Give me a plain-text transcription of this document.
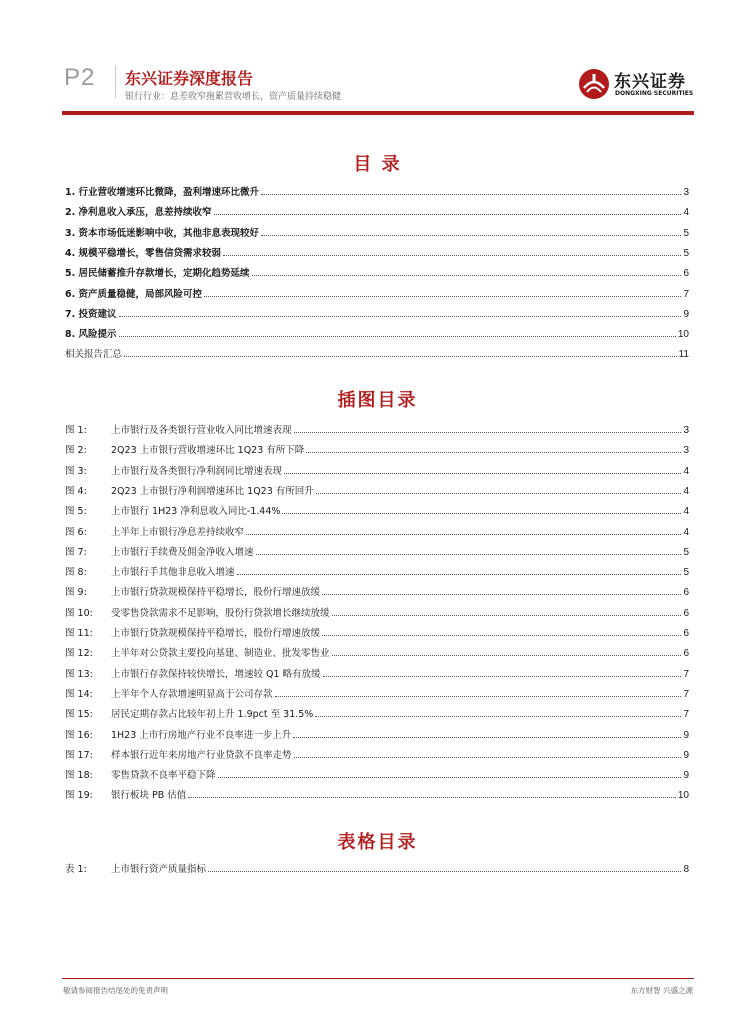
P2 东兴证券深度报告
银行行业：息差收窄拖累营收增长，资产质量持续稳健
东兴证券
DONGXING SECURITIES
目 录
1. 行业营收增速环比微降，盈利增速环比微升	3
2. 净利息收入承压，息差持续收窄	4
3. 资本市场低迷影响中收，其他非息表现较好	5
4. 规模平稳增长，零售信贷需求较弱	5
5. 居民储蓄推升存款增长，定期化趋势延续	6
6. 资产质量稳健，局部风险可控	7
7. 投资建议	9
8. 风险提示	10
相关报告汇总	11
插图目录
图 1:	上市银行及各类银行营业收入同比增速表现	3
图 2:	2Q23 上市银行营收增速环比 1Q23 有所下降	3
图 3:	上市银行及各类银行净利润同比增速表现	4
图 4:	2Q23 上市银行净利润增速环比 1Q23 有所回升	4
图 5:	上市银行 1H23 净利息收入同比-1.44%	4
图 6:	上半年上市银行净息差持续收窄	4
图 7:	上市银行手续费及佣金净收入增速	5
图 8:	上市银行手其他非息收入增速	5
图 9:	上市银行贷款规模保持平稳增长，股份行增速放缓	6
图 10:	受零售贷款需求不足影响，股份行贷款增长继续放缓	6
图 11:	上市银行贷款规模保持平稳增长，股份行增速放缓	6
图 12:	上半年对公贷款主要投向基建、制造业、批发零售业	6
图 13:	上市银行存款保持较快增长，增速较 Q1 略有放缓	7
图 14:	上半年个人存款增速明显高于公司存款	7
图 15:	居民定期存款占比较年初上升 1.9pct 至 31.5%	7
图 16:	1H23 上市行房地产行业不良率进一步上升	9
图 17:	样本银行近年来房地产行业贷款不良率走势	9
图 18:	零售贷款不良率平稳下降	9
图 19:	银行板块 PB 估值	10
表格目录
表 1:	上市银行资产质量指标	8
敬请参阅报告结尾处的免责声明	东方财智 兴盛之源
